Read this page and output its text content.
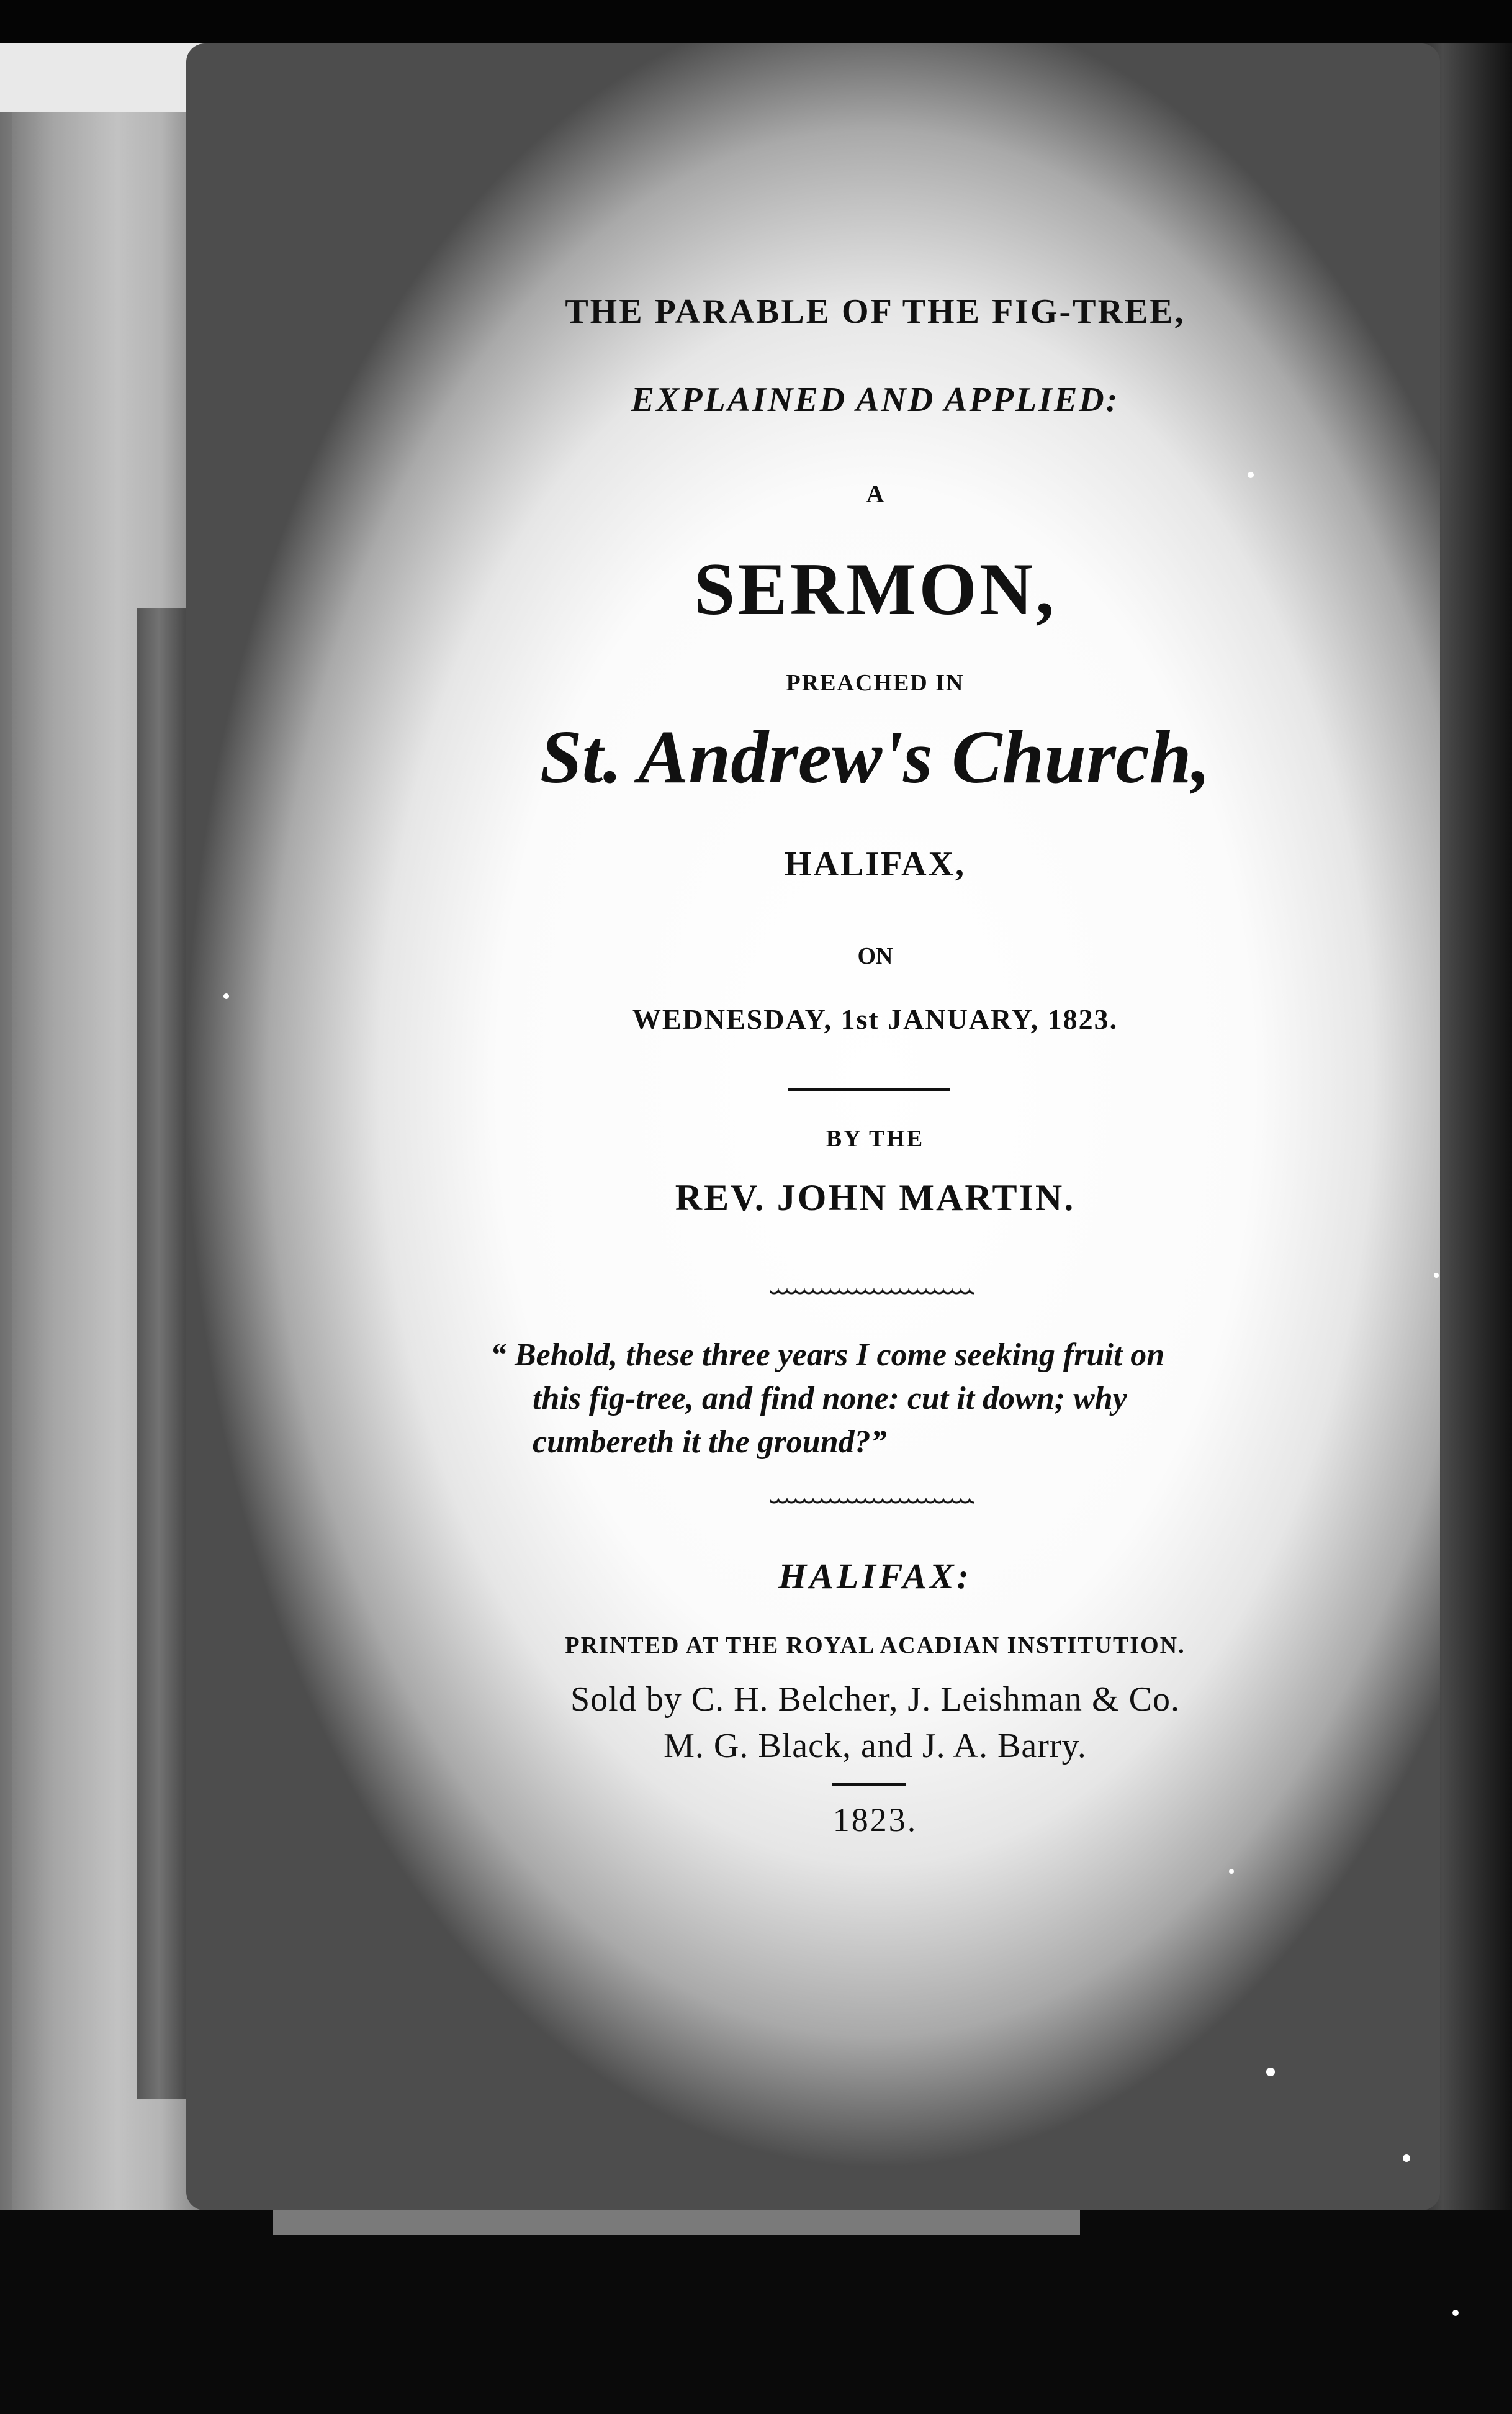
THE PARABLE OF THE FIG-TREE,
EXPLAINED AND APPLIED:
A
SERMON,
PREACHED IN
St. Andrew's Church,
HALIFAX,
ON
WEDNESDAY, 1st JANUARY, 1823.
BY THE
REV. JOHN MARTIN.
“ Behold, these three years I come seeking fruit on
this fig-tree, and find none: cut it down; why
cumbereth it the ground?”
HALIFAX:
PRINTED AT THE ROYAL ACADIAN INSTITUTION.
Sold by C. H. Belcher, J. Leishman & Co.
M. G. Black, and J. A. Barry.
1823.
